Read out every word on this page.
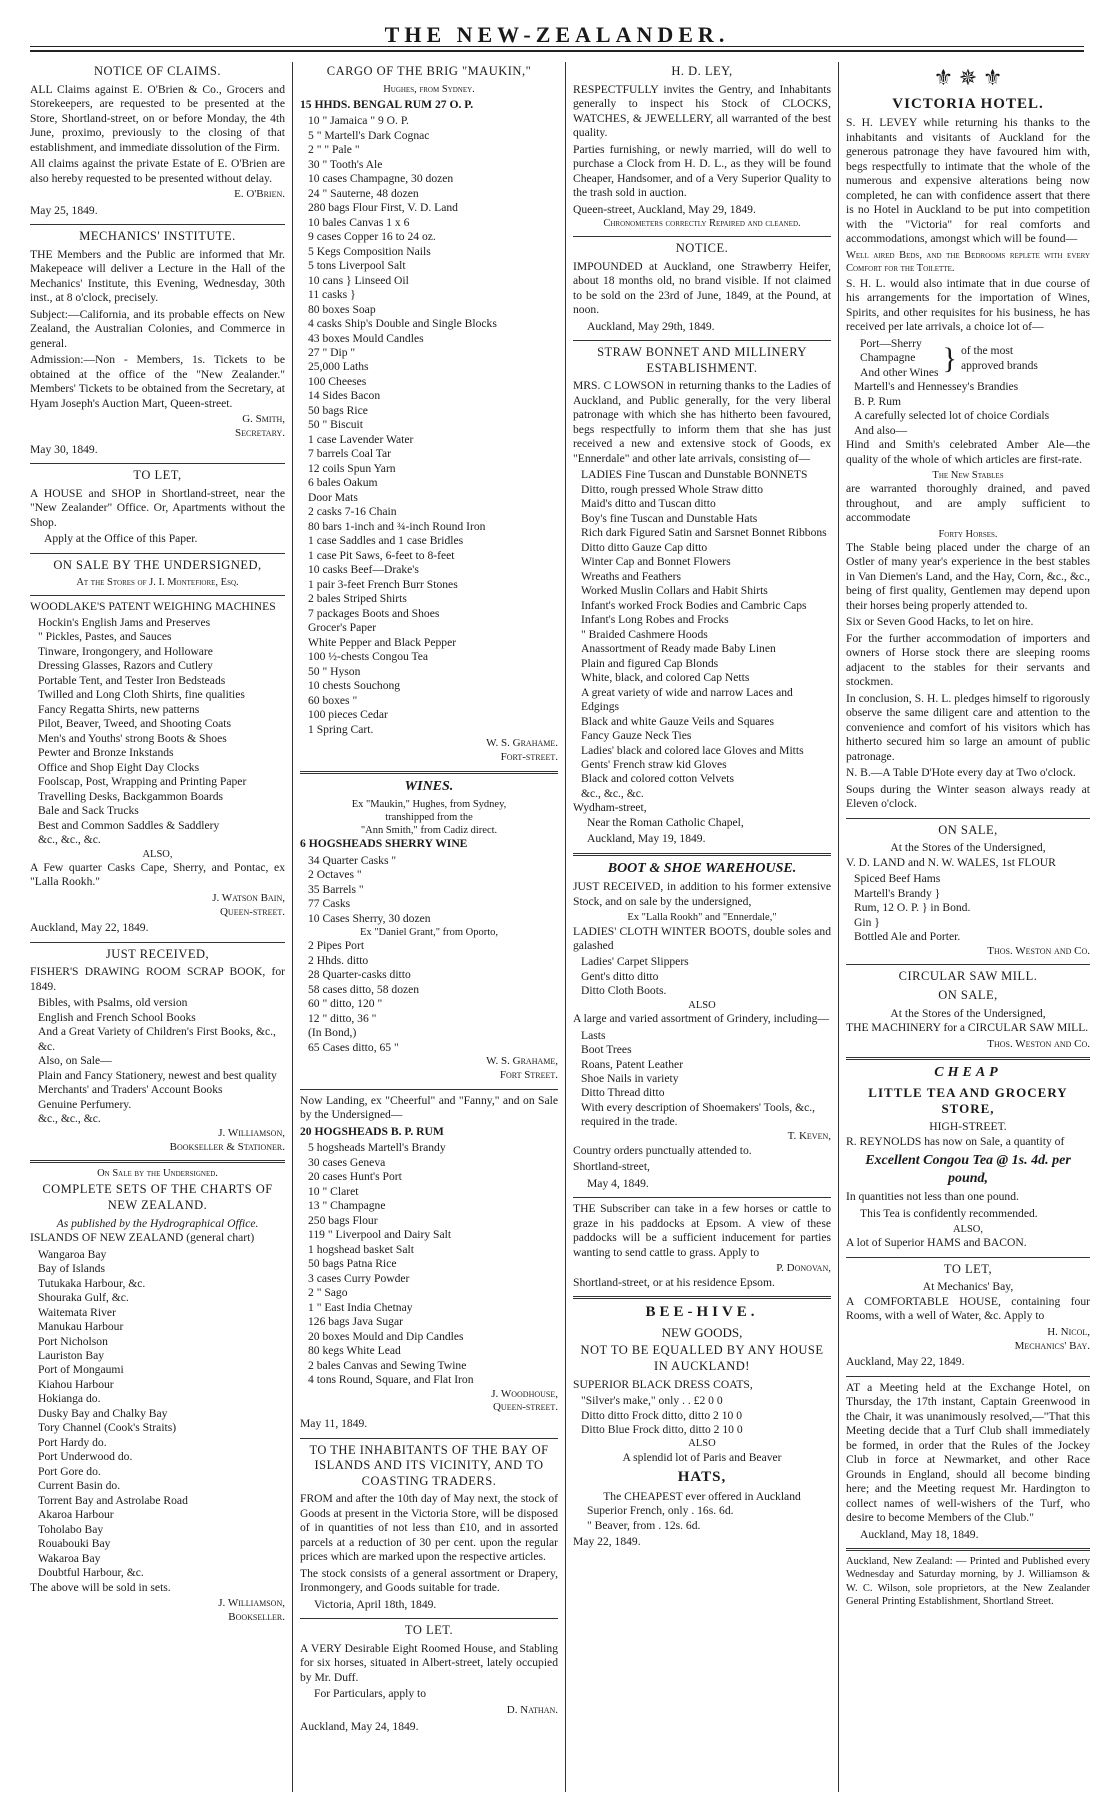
THE NEW-ZEALANDER.
NOTICE OF CLAIMS.

ALL Claims against E. O'Brien & Co., Grocers and Storekeepers, are requested to be presented at the Store, Shortland-street, on or before Monday, the 4th June, proximo, previously to the closing of that establishment, and immediate dissolution of the Firm.

All claims against the private Estate of E. O'Brien are also hereby requested to be presented without delay.

E. O'Brien.
May 25, 1849.
MECHANICS' INSTITUTE.

THE Members and the Public are informed that Mr. Makepeace will deliver a Lecture in the Hall of the Mechanics' Institute, this Evening, Wednesday, 30th inst., at 8 o'clock, precisely.

Subject:—California, and its probable effects on New Zealand, the Australian Colonies, and Commerce in general.

Admission:—Non - Members, 1s. Tickets to be obtained at the office of the "New Zealander." Members' Tickets to be obtained from the Secretary, at Hyam Joseph's Auction Mart, Queen-street.

G. Smith,
Secretary.
May 30, 1849.
TO LET,

A HOUSE and SHOP in Shortland-street, near the "New Zealander" Office. Or, Apartments without the Shop.

Apply at the Office of this Paper.

ON SALE BY THE UNDERSIGNED,
At the Stores of J. I. Montefiore, Esq.

WOODLAKE'S PATENT WEIGHING MACHINES

Hockin's English Jams and Preserves
" Pickles, Pastes, and Sauces
Tinware, Irongongery, and Holloware
Dressing Glasses, Razors and Cutlery
Portable Tent, and Tester Iron Bedsteads
Twilled and Long Cloth Shirts, fine qualities
Fancy Regatta Shirts, new patterns
Pilot, Beaver, Tweed, and Shooting Coats
Men's and Youths' strong Boots & Shoes
Pewter and Bronze Inkstands
Office and Shop Eight Day Clocks
Foolscap, Post, Wrapping and Printing Paper
Travelling Desks, Backgammon Boards
Bale and Sack Trucks
Best and Common Saddles & Saddlery
&c., &c., &c.
ALSO,

A Few quarter Casks Cape, Sherry, and Pontac, ex "Lalla Rookh."

J. Watson Bain,
Queen-street.
Auckland, May 22, 1849.
JUST RECEIVED,

FISHER'S DRAWING ROOM SCRAP BOOK, for 1849.

Bibles, with Psalms, old version
English and French School Books
And a Great Variety of Children's First Books, &c., &c.
Also, on Sale—
Plain and Fancy Stationery, newest and best quality
Merchants' and Traders' Account Books
Genuine Perfumery.
&c., &c., &c.
J. Williamson,
Bookseller & Stationer.
On Sale by the Undersigned.
COMPLETE SETS OF THE CHARTS OF NEW ZEALAND.
As published by the Hydrographical Office.

ISLANDS OF NEW ZEALAND (general chart)

Wangaroa Bay
Bay of Islands
Tutukaka Harbour, &c.
Shouraka Gulf, &c.
Waitemata River
Manukau Harbour
Port Nicholson
Lauriston Bay
Port of Mongaumi
Kiahou Harbour
Hokianga do.
Dusky Bay and Chalky Bay
Tory Channel (Cook's Straits)
Port Hardy do.
Port Underwood do.
Port Gore do.
Current Basin do.
Torrent Bay and Astrolabe Road
Akaroa Harbour
Toholabo Bay
Rouabouki Bay
Wakaroa Bay
Doubtful Harbour, &c.

The above will be sold in sets.

J. Williamson,
Bookseller.
CARGO OF THE BRIG "MAUKIN,"
Hughes, from Sydney.

15 HHDS. BENGAL RUM 27 O. P.

10 " Jamaica " 9 O. P.
5 " Martell's Dark Cognac
2 " " Pale "
30 " Tooth's Ale
10 cases Champagne, 30 dozen
24 " Sauterne, 48 dozen
280 bags Flour First, V. D. Land
10 bales Canvas 1 x 6
9 cases Copper 16 to 24 oz.
5 Kegs Composition Nails
5 tons Liverpool Salt
10 cans } Linseed Oil
11 casks }
80 boxes Soap
4 casks Ship's Double and Single Blocks
43 boxes Mould Candles
27 " Dip "
25,000 Laths
100 Cheeses
14 Sides Bacon
50 bags Rice
50 " Biscuit
1 case Lavender Water
7 barrels Coal Tar
12 coils Spun Yarn
6 bales Oakum
Door Mats
2 casks 7-16 Chain
80 bars 1-inch and ¾-inch Round Iron
1 case Saddles and 1 case Bridles
1 case Pit Saws, 6-feet to 8-feet
10 casks Beef—Drake's
1 pair 3-feet French Burr Stones
2 bales Striped Shirts
7 packages Boots and Shoes
Grocer's Paper
White Pepper and Black Pepper
100 ½-chests Congou Tea
50 " Hyson
10 chests Souchong
60 boxes "
100 pieces Cedar
1 Spring Cart.
W. S. Grahame.
Fort-street.
WINES.
Ex "Maukin," Hughes, from Sydney,
transhipped from the
"Ann Smith," from Cadiz direct.

6 HOGSHEADS SHERRY WINE

34 Quarter Casks "
2 Octaves "
35 Barrels "
77 Casks
10 Cases Sherry, 30 dozen
Ex "Daniel Grant," from Oporto,
2 Pipes Port
2 Hhds. ditto
28 Quarter-casks ditto
58 cases ditto, 58 dozen
60 " ditto, 120 "
12 " ditto, 36 "
(In Bond,)
65 Cases ditto, 65 "
W. S. Grahame,
Fort Street.

Now Landing, ex "Cheerful" and "Fanny," and on Sale by the Undersigned—

20 HOGSHEADS B. P. RUM

5 hogsheads Martell's Brandy
30 cases Geneva
20 cases Hunt's Port
10 " Claret
13 " Champagne
250 bags Flour
119 " Liverpool and Dairy Salt
1 hogshead basket Salt
50 bags Patna Rice
3 cases Curry Powder
2 " Sago
1 " East India Chetnay
126 bags Java Sugar
20 boxes Mould and Dip Candles
80 kegs White Lead
2 bales Canvas and Sewing Twine
4 tons Round, Square, and Flat Iron
J. Woodhouse,
Queen-street.
May 11, 1849.
TO THE INHABITANTS OF THE BAY OF ISLANDS AND ITS VICINITY, AND TO COASTING TRADERS.

FROM and after the 10th day of May next, the stock of Goods at present in the Victoria Store, will be disposed of in quantities of not less than £10, and in assorted parcels at a reduction of 30 per cent. upon the regular prices which are marked upon the respective articles.

The stock consists of a general assortment or Drapery, Ironmongery, and Goods suitable for trade.

Victoria, April 18th, 1849.
TO LET.

A VERY Desirable Eight Roomed House, and Stabling for six horses, situated in Albert-street, lately occupied by Mr. Duff.

For Particulars, apply to

D. Nathan.
Auckland, May 24, 1849.
H. D. LEY,

RESPECTFULLY invites the Gentry, and Inhabitants generally to inspect his Stock of CLOCKS, WATCHES, & JEWELLERY, all warranted of the best quality.

Parties furnishing, or newly married, will do well to purchase a Clock from H. D. L., as they will be found Cheaper, Handsomer, and of a Very Superior Quality to the trash sold in auction.

Queen-street, Auckland, May 29, 1849.
Chronometers correctly Repaired and cleaned.
NOTICE.

IMPOUNDED at Auckland, one Strawberry Heifer, about 18 months old, no brand visible. If not claimed to be sold on the 23rd of June, 1849, at the Pound, at noon.

Auckland, May 29th, 1849.
STRAW BONNET AND MILLINERY ESTABLISHMENT.

MRS. C LOWSON in returning thanks to the Ladies of Auckland, and Public generally, for the very liberal patronage with which she has hitherto been favoured, begs respectfully to inform them that she has just received a new and extensive stock of Goods, ex "Ennerdale" and other late arrivals, consisting of—

LADIES Fine Tuscan and Dunstable BONNETS
Ditto, rough pressed Whole Straw ditto
Maid's ditto and Tuscan ditto
Boy's fine Tuscan and Dunstable Hats
Rich dark Figured Satin and Sarsnet Bonnet Ribbons
Ditto ditto Gauze Cap ditto
Winter Cap and Bonnet Flowers
Wreaths and Feathers
Worked Muslin Collars and Habit Shirts
Infant's worked Frock Bodies and Cambric Caps
Infant's Long Robes and Frocks
" Braided Cashmere Hoods
Anassortment of Ready made Baby Linen
Plain and figured Cap Blonds
White, black, and colored Cap Netts
A great variety of wide and narrow Laces and Edgings
Black and white Gauze Veils and Squares
Fancy Gauze Neck Ties
Ladies' black and colored lace Gloves and Mitts
Gents' French straw kid Gloves
Black and colored cotton Velvets
&c., &c., &c.
Wydham-street,
Near the Roman Catholic Chapel,
Auckland, May 19, 1849.
BOOT & SHOE WAREHOUSE.

JUST RECEIVED, in addition to his former extensive Stock, and on sale by the undersigned,

Ex "Lalla Rookh" and "Ennerdale,"

LADIES' CLOTH WINTER BOOTS, double soles and galashed

Ladies' Carpet Slippers
Gent's ditto ditto
Ditto Cloth Boots.
ALSO

A large and varied assortment of Grindery, including—

Lasts
Boot Trees
Roans, Patent Leather
Shoe Nails in variety
Ditto Thread ditto
With every description of Shoemakers' Tools, &c., required in the trade.
T. Keven,

Country orders punctually attended to.

Shortland-street,
May 4, 1849.

THE Subscriber can take in a few horses or cattle to graze in his paddocks at Epsom. A view of these paddocks will be a sufficient inducement for parties wanting to send cattle to grass. Apply to

P. Donovan,
Shortland-street, or at his residence Epsom.
BEE-HIVE.
NEW GOODS,
NOT TO BE EQUALLED BY ANY HOUSE IN AUCKLAND!

SUPERIOR BLACK DRESS COATS,

"Silver's make," only . . £2 0 0
Ditto ditto Frock ditto, ditto 2 10 0
Ditto Blue Frock ditto, ditto 2 10 0
ALSO
A splendid lot of Paris and Beaver
HATS,
The CHEAPEST ever offered in Auckland
Superior French, only . 16s. 6d.
" Beaver, from . 12s. 6d.
May 22, 1849.
⚜ ✵ ⚜
VICTORIA HOTEL.

S. H. LEVEY while returning his thanks to the inhabitants and visitants of Auckland for the generous patronage they have favoured him with, begs respectfully to intimate that the whole of the numerous and expensive alterations being now completed, he can with confidence assert that there is no Hotel in Auckland to be put into competition with the "Victoria" for real comforts and accommodations, amongst which will be found—

Well aired Beds, and the Bedrooms replete with every Comfort for the Toilette.

S. H. L. would also intimate that in due course of his arrangements for the importation of Wines, Spirits, and other requisites for his business, he has received per late arrivals, a choice lot of—

Port—Sherry
Champagne
And other Wines } of the most approved brands
Martell's and Hennessey's Brandies
B. P. Rum
A carefully selected lot of choice Cordials
And also—

Hind and Smith's celebrated Amber Ale—the quality of the whole of which articles are first-rate.

The New Stables

are warranted thoroughly drained, and paved throughout, and are amply sufficient to accommodate

Forty Horses.

The Stable being placed under the charge of an Ostler of many year's experience in the best stables in Van Diemen's Land, and the Hay, Corn, &c., &c., being of first quality, Gentlemen may depend upon their horses being properly attended to.

Six or Seven Good Hacks, to let on hire.

For the further accommodation of importers and owners of Horse stock there are sleeping rooms adjacent to the stables for their servants and stockmen.

In conclusion, S. H. L. pledges himself to rigorously observe the same diligent care and attention to the convenience and comfort of his visitors which has hitherto secured him so large an amount of public patronage.

N. B.—A Table D'Hote every day at Two o'clock.

Soups during the Winter season always ready at Eleven o'clock.

ON SALE,
At the Stores of the Undersigned,

V. D. LAND and N. W. WALES, 1st FLOUR

Spiced Beef Hams
Martell's Brandy }
Rum, 12 O. P. } in Bond.
Gin }
Bottled Ale and Porter.
Thos. Weston and Co.
CIRCULAR SAW MILL.
ON SALE,
At the Stores of the Undersigned,

THE MACHINERY for a CIRCULAR SAW MILL.

Thos. Weston and Co.
CHEAP
LITTLE TEA AND GROCERY STORE,
HIGH-STREET.

R. REYNOLDS has now on Sale, a quantity of

Excellent Congou Tea @ 1s. 4d. per pound,

In quantities not less than one pound.

This Tea is confidently recommended.

ALSO,

A lot of Superior HAMS and BACON.

TO LET,
At Mechanics' Bay,

A COMFORTABLE HOUSE, containing four Rooms, with a well of Water, &c. Apply to

H. Nicol,
Mechanics' Bay.
Auckland, May 22, 1849.

AT a Meeting held at the Exchange Hotel, on Thursday, the 17th instant, Captain Greenwood in the Chair, it was unanimously resolved,—"That this Meeting decide that a Turf Club shall immediately be formed, in order that the Rules of the Jockey Club in force at Newmarket, and other Race Grounds in England, should all become binding here; and the Meeting request Mr. Hardington to collect names of well-wishers of the Turf, who desire to become Members of the Club."

Auckland, May 18, 1849.

Auckland, New Zealand: — Printed and Published every Wednesday and Saturday morning, by J. Williamson & W. C. Wilson, sole proprietors, at the New Zealander General Printing Establishment, Shortland Street.
